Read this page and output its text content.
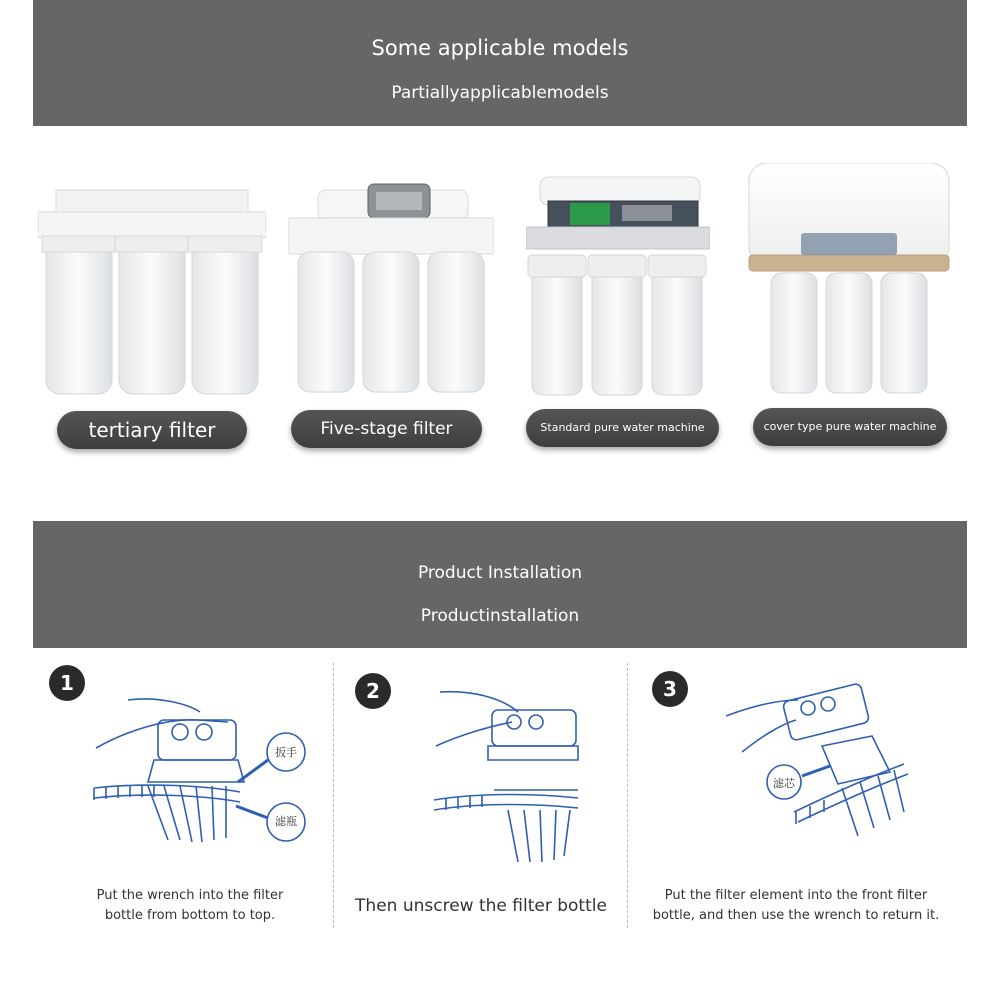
Some applicable models
Partiallyapplicablemodels
tertiary filter	Five-stage filter	Standard pure water machine	cover type pure water machine
Product Installation
Productinstallation
1
扳手
滤瓶
Put the wrench into the filter
bottle from bottom to top.
2
Then unscrew the filter bottle
3
滤芯
Put the filter element into the front filter
bottle, and then use the wrench to return it.
